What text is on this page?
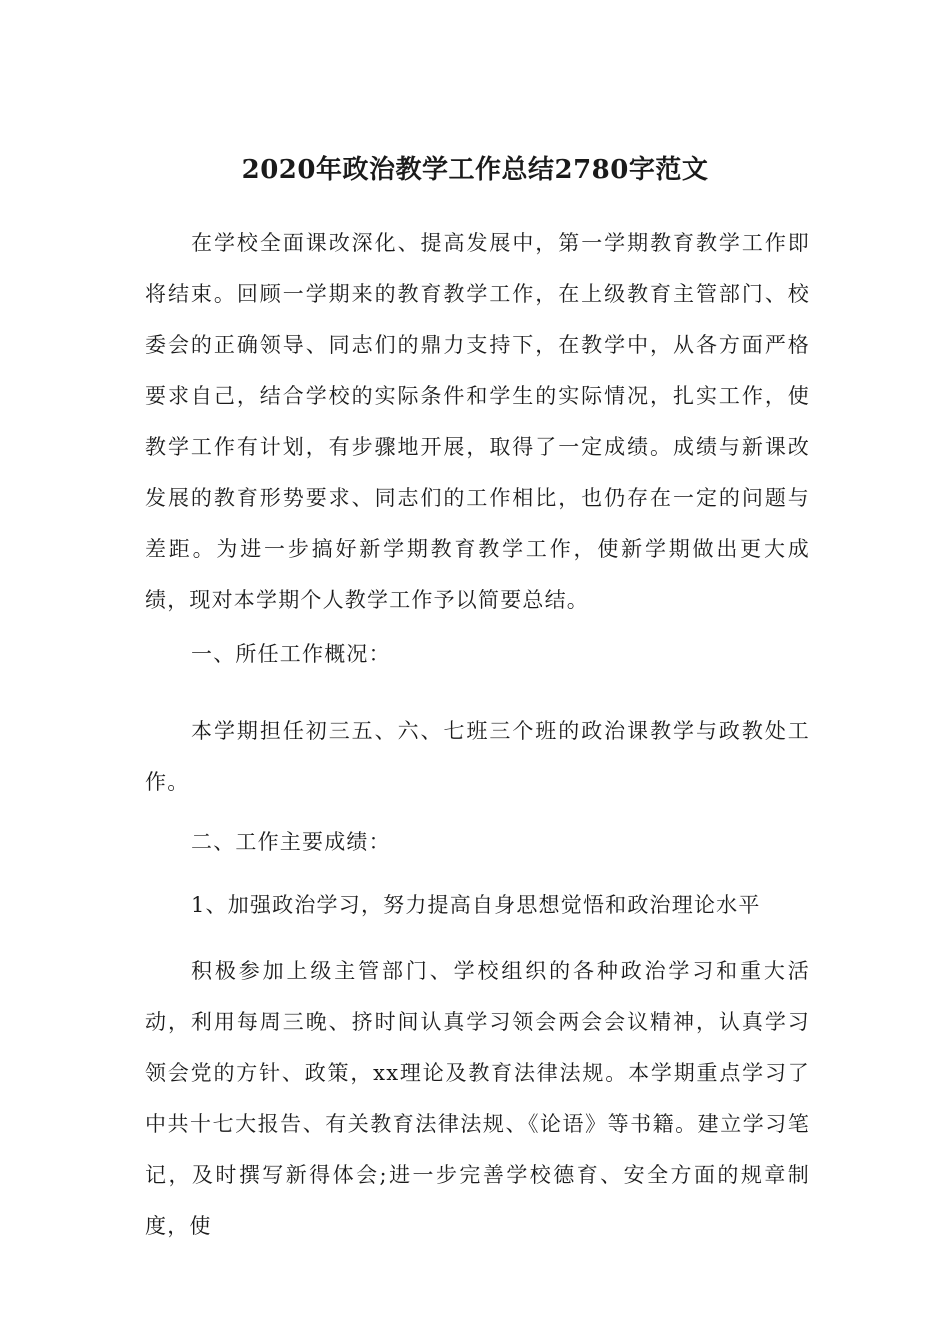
2020年政治教学工作总结2780字范文

在学校全面课改深化、提高发展中，第一学期教育教学工作即将结束。回顾一学期来的教育教学工作，在上级教育主管部门、校委会的正确领导、同志们的鼎力支持下，在教学中，从各方面严格要求自己，结合学校的实际条件和学生的实际情况，扎实工作，使教学工作有计划，有步骤地开展，取得了一定成绩。成绩与新课改发展的教育形势要求、同志们的工作相比，也仍存在一定的问题与差距。为进一步搞好新学期教育教学工作，使新学期做出更大成绩，现对本学期个人教学工作予以简要总结。

一、所任工作概况：

本学期担任初三五、六、七班三个班的政治课教学与政教处工作。

二、工作主要成绩：

1、加强政治学习，努力提高自身思想觉悟和政治理论水平

积极参加上级主管部门、学校组织的各种政治学习和重大活动，利用每周三晚、挤时间认真学习领会两会会议精神，认真学习领会党的方针、政策，xx理论及教育法律法规。本学期重点学习了中共十七大报告、有关教育法律法规、《论语》等书籍。建立学习笔记，及时撰写新得体会;进一步完善学校德育、安全方面的规章制度，使
